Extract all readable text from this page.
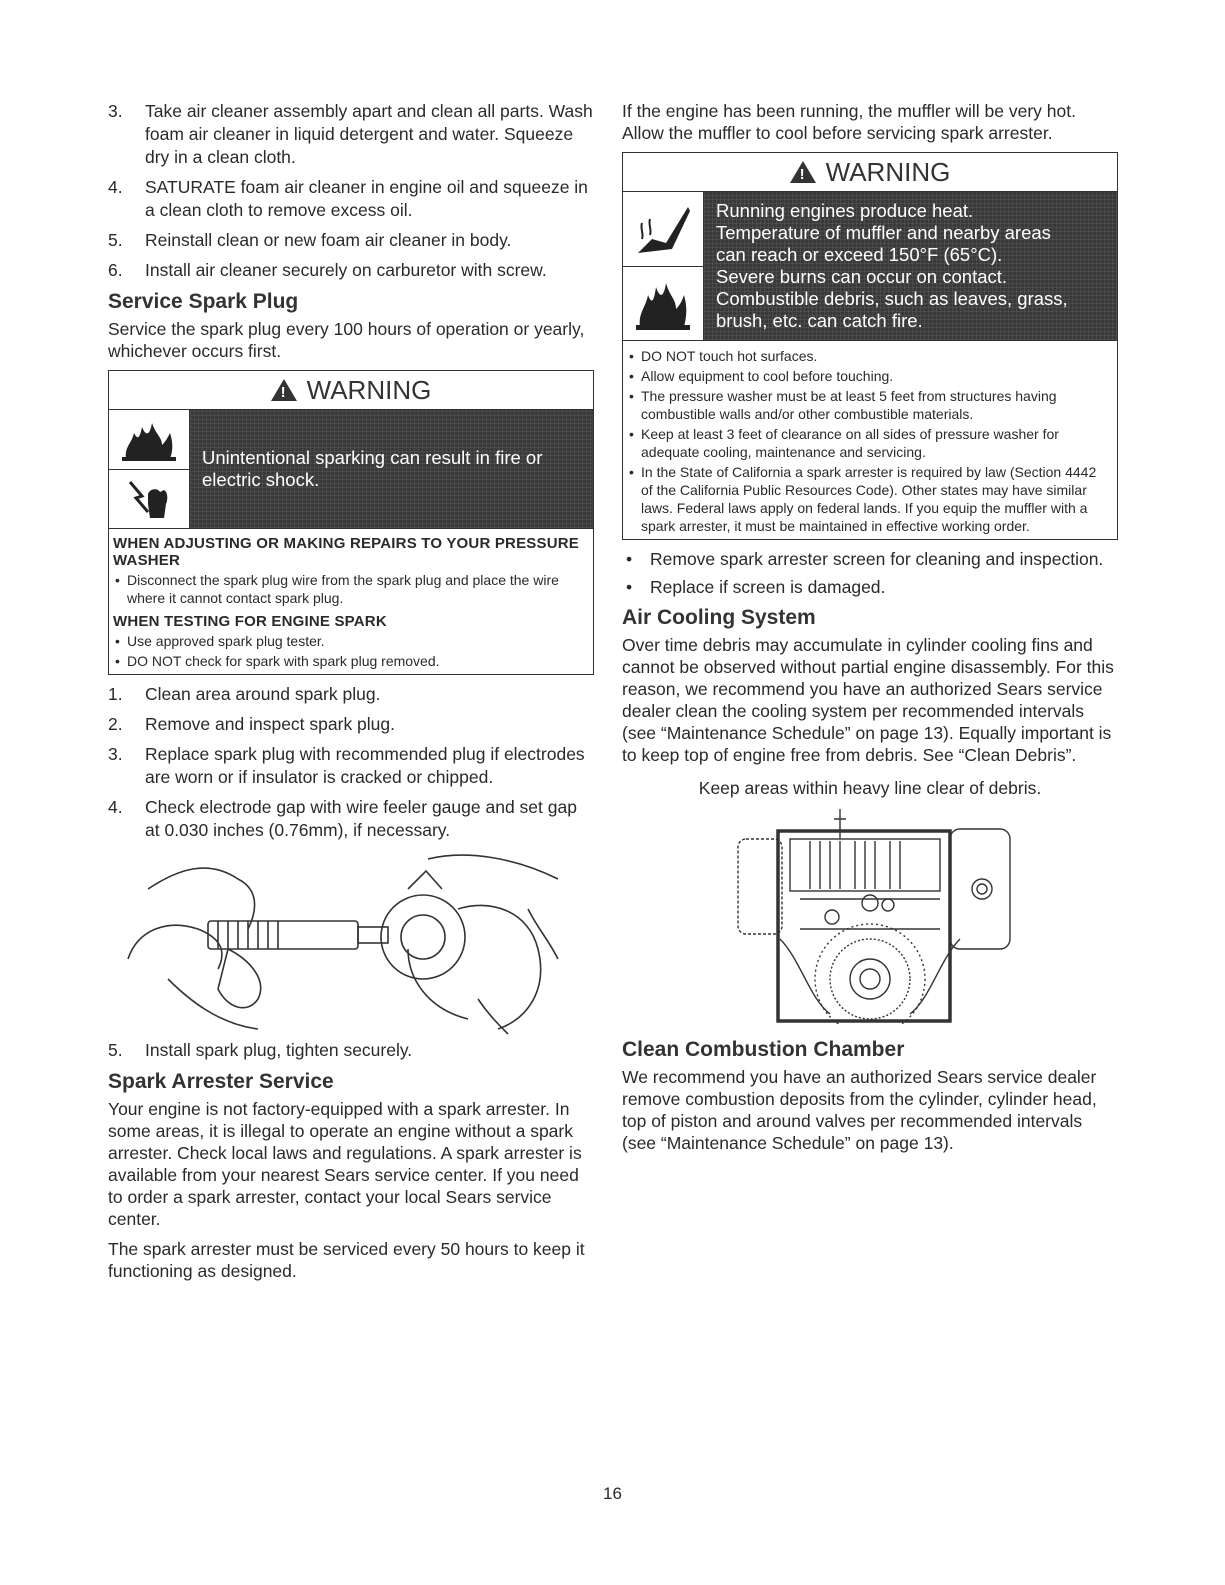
3. Take air cleaner assembly apart and clean all parts. Wash foam air cleaner in liquid detergent and water. Squeeze dry in a clean cloth.
4. SATURATE foam air cleaner in engine oil and squeeze in a clean cloth to remove excess oil.
5. Reinstall clean or new foam air cleaner in body.
6. Install air cleaner securely on carburetor with screw.
Service Spark Plug

Service the spark plug every 100 hours of operation or yearly, whichever occurs first.

!
WARNING
Unintentional sparking can result in fire or
electric shock.
WHEN ADJUSTING OR MAKING REPAIRS TO YOUR PRESSURE WASHER
• Disconnect the spark plug wire from the spark plug and place the wire where it cannot contact spark plug.
WHEN TESTING FOR ENGINE SPARK
• Use approved spark plug tester.
• DO NOT check for spark with spark plug removed.
1. Clean area around spark plug.
2. Remove and inspect spark plug.
3. Replace spark plug with recommended plug if electrodes are worn or if insulator is cracked or chipped.
4. Check electrode gap with wire feeler gauge and set gap at 0.030 inches (0.76mm), if necessary.
5. Install spark plug, tighten securely.
Spark Arrester Service

Your engine is not factory-equipped with a spark arrester. In some areas, it is illegal to operate an engine without a spark arrester. Check local laws and regulations. A spark arrester is available from your nearest Sears service center. If you need to order a spark arrester, contact your local Sears service center.

The spark arrester must be serviced every 50 hours to keep it functioning as designed.

If the engine has been running, the muffler will be very hot. Allow the muffler to cool before servicing spark arrester.

!
WARNING
Running engines produce heat.
Temperature of muffler and nearby areas
can reach or exceed 150°F (65°C).
Severe burns can occur on contact.
Combustible debris, such as leaves, grass,
brush, etc. can catch fire.
• DO NOT touch hot surfaces.
• Allow equipment to cool before touching.
• The pressure washer must be at least 5 feet from structures having combustible walls and/or other combustible materials.
• Keep at least 3 feet of clearance on all sides of pressure washer for adequate cooling, maintenance and servicing.
• In the State of California a spark arrester is required by law (Section 4442 of the California Public Resources Code). Other states may have similar laws. Federal laws apply on federal lands. If you equip the muffler with a spark arrester, it must be maintained in effective working order.
• Remove spark arrester screen for cleaning and inspection.
• Replace if screen is damaged.
Air Cooling System

Over time debris may accumulate in cylinder cooling fins and cannot be observed without partial engine disassembly. For this reason, we recommend you have an authorized Sears service dealer clean the cooling system per recommended intervals (see “Maintenance Schedule” on page 13). Equally important is to keep top of engine free from debris. See “Clean Debris”.

Keep areas within heavy line clear of debris.
Clean Combustion Chamber

We recommend you have an authorized Sears service dealer remove combustion deposits from the cylinder, cylinder head, top of piston and around valves per recommended intervals (see “Maintenance Schedule” on page 13).

16
